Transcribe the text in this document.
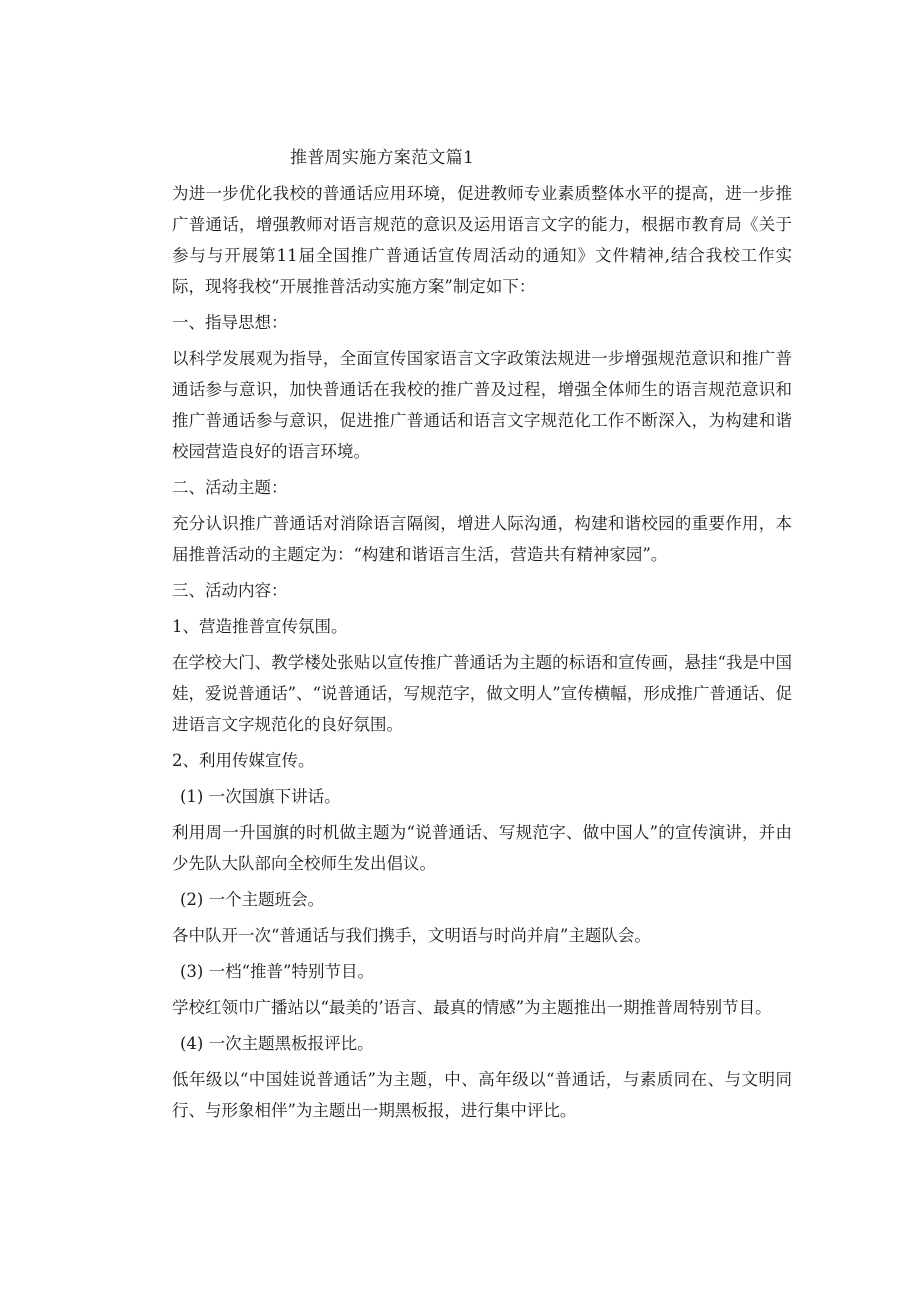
推普周实施方案范文篇1

为进一步优化我校的普通话应用环境，促进教师专业素质整体水平的提高，进一步推广普通话，增强教师对语言规范的意识及运用语言文字的能力，根据市教育局《关于参与与开展第11届全国推广普通话宣传周活动的通知》文件精神,结合我校工作实际，现将我校“开展推普活动实施方案”制定如下：

一、指导思想：

以科学发展观为指导，全面宣传国家语言文字政策法规进一步增强规范意识和推广普通话参与意识，加快普通话在我校的推广普及过程，增强全体师生的语言规范意识和推广普通话参与意识，促进推广普通话和语言文字规范化工作不断深入，为构建和谐校园营造良好的语言环境。

二、活动主题：

充分认识推广普通话对消除语言隔阂，增进人际沟通，构建和谐校园的重要作用，本届推普活动的主题定为：“构建和谐语言生活，营造共有精神家园”。

三、活动内容：

1、营造推普宣传氛围。

在学校大门、教学楼处张贴以宣传推广普通话为主题的标语和宣传画，悬挂“我是中国娃，爱说普通话”、“说普通话，写规范字，做文明人”宣传横幅，形成推广普通话、促进语言文字规范化的良好氛围。

2、利用传媒宣传。

(1) 一次国旗下讲话。

利用周一升国旗的时机做主题为“说普通话、写规范字、做中国人”的宣传演讲，并由少先队大队部向全校师生发出倡议。

(2) 一个主题班会。

各中队开一次“普通话与我们携手，文明语与时尚并肩”主题队会。

(3) 一档“推普”特别节目。

学校红领巾广播站以“最美的’语言、最真的情感”为主题推出一期推普周特别节目。

(4) 一次主题黑板报评比。

低年级以“中国娃说普通话”为主题，中、高年级以“普通话，与素质同在、与文明同行、与形象相伴”为主题出一期黑板报，进行集中评比。
